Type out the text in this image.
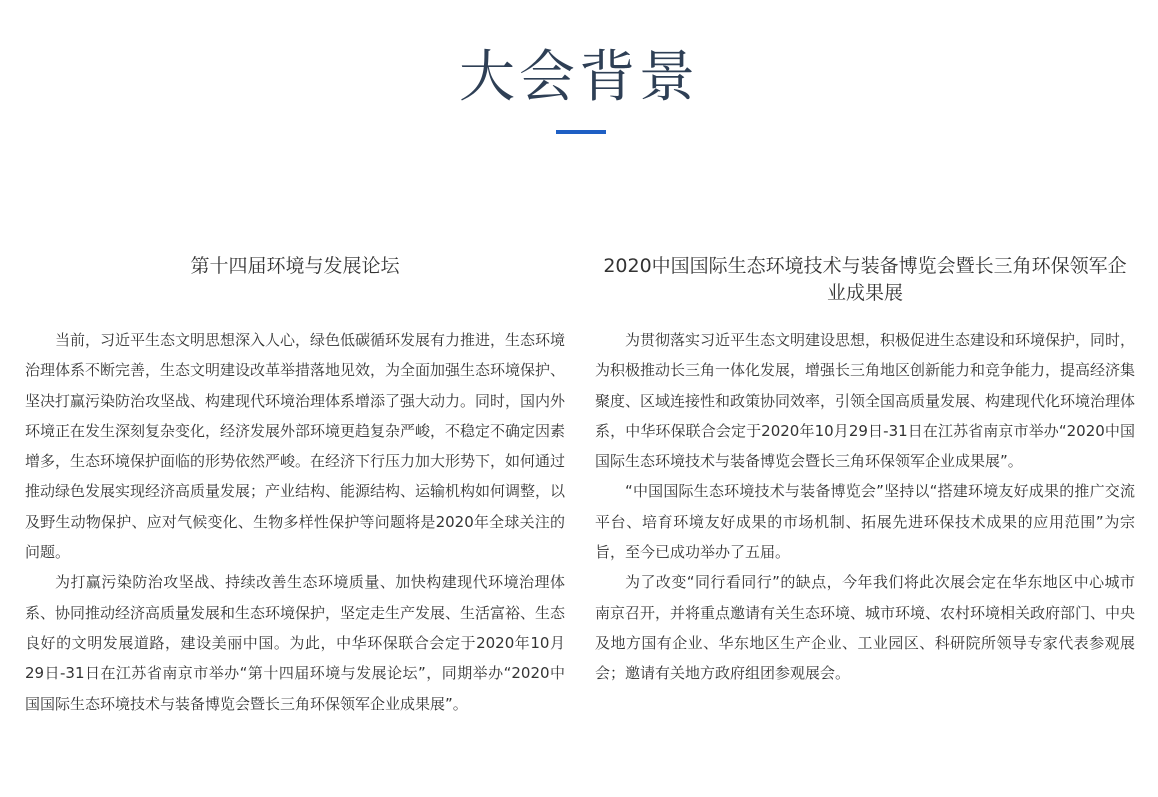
大会背景
第十四届环境与发展论坛

当前，习近平生态文明思想深入人心，绿色低碳循环发展有力推进，生态环境治理体系不断完善，生态文明建设改革举措落地见效，为全面加强生态环境保护、坚决打赢污染防治攻坚战、构建现代环境治理体系增添了强大动力。同时，国内外环境正在发生深刻复杂变化，经济发展外部环境更趋复杂严峻，不稳定不确定因素增多，生态环境保护面临的形势依然严峻。在经济下行压力加大形势下，如何通过推动绿色发展实现经济高质量发展；产业结构、能源结构、运输机构如何调整，以及野生动物保护、应对气候变化、生物多样性保护等问题将是2020年全球关注的问题。

为打赢污染防治攻坚战、持续改善生态环境质量、加快构建现代环境治理体系、协同推动经济高质量发展和生态环境保护，坚定走生产发展、生活富裕、生态良好的文明发展道路，建设美丽中国。为此，中华环保联合会定于2020年10月29日-31日在江苏省南京市举办“第十四届环境与发展论坛”，同期举办“2020中国国际生态环境技术与装备博览会暨长三角环保领军企业成果展”。

2020中国国际生态环境技术与装备博览会暨长三角环保领军企业成果展

为贯彻落实习近平生态文明建设思想，积极促进生态建设和环境保护，同时，为积极推动长三角一体化发展，增强长三角地区创新能力和竞争能力，提高经济集聚度、区域连接性和政策协同效率，引领全国高质量发展、构建现代化环境治理体系，中华环保联合会定于2020年10月29日-31日在江苏省南京市举办“2020中国国际生态环境技术与装备博览会暨长三角环保领军企业成果展”。

“中国国际生态环境技术与装备博览会”坚持以“搭建环境友好成果的推广交流平台、培育环境友好成果的市场机制、拓展先进环保技术成果的应用范围”为宗旨，至今已成功举办了五届。

为了改变“同行看同行”的缺点，今年我们将此次展会定在华东地区中心城市南京召开，并将重点邀请有关生态环境、城市环境、农村环境相关政府部门、中央及地方国有企业、华东地区生产企业、工业园区、科研院所领导专家代表参观展会；邀请有关地方政府组团参观展会。
